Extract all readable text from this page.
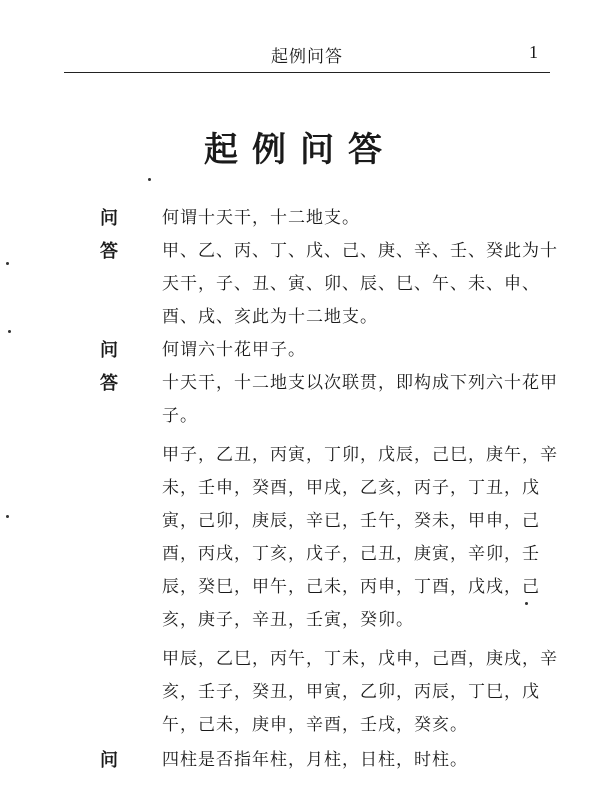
起例问答	1
起例问答
问	何谓十天干，十二地支。
答	甲、乙、丙、丁、戊、己、庚、辛、壬、癸此为十天干，子、丑、寅、卯、辰、巳、午、未、申、酉、戌、亥此为十二地支。
问	何谓六十花甲子。
答	十天干，十二地支以次联贯，即构成下列六十花甲子。
甲子，乙丑，丙寅，丁卯，戊辰，己巳，庚午，辛未，壬申，癸酉，甲戌，乙亥，丙子，丁丑，戊寅，己卯，庚辰，辛已，壬午，癸未，甲申，己酉，丙戌，丁亥，戊子，己丑，庚寅，辛卯，壬辰，癸巳，甲午，己未，丙申，丁酉，戊戌，己亥，庚子，辛丑，壬寅，癸卯。
甲辰，乙巳，丙午，丁未，戊申，己酉，庚戌，辛亥，壬子，癸丑，甲寅，乙卯，丙辰，丁巳，戊午，己未，庚申，辛酉，壬戌，癸亥。
问	四柱是否指年柱，月柱，日柱，时柱。
